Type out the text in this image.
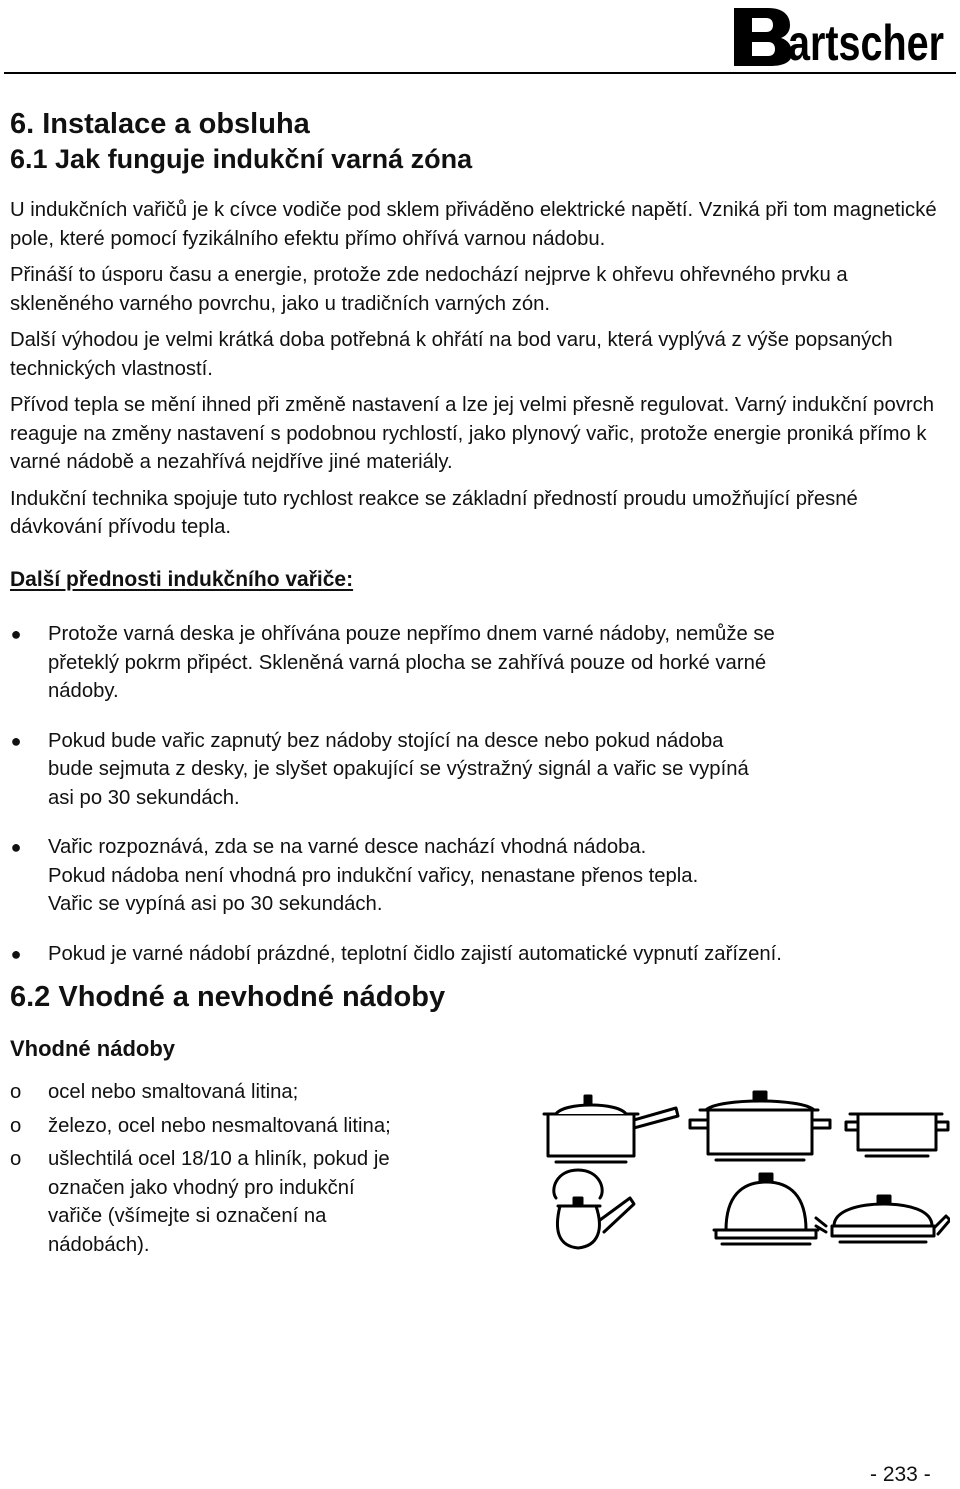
artscher
6. Instalace a obsluha
6.1 Jak funguje indukční varná zóna

U indukčních vařičů je k cívce vodiče pod sklem přiváděno elektrické napětí. Vzniká při tom magnetické pole, které pomocí fyzikálního efektu přímo ohřívá varnou nádobu.

Přináší to úsporu času a energie, protože zde nedochází nejprve k ohřevu ohřevného prvku a skleněného varného povrchu, jako u tradičních varných zón.

Další výhodou je velmi krátká doba potřebná k ohřátí na bod varu, která vyplývá z výše popsaných technických vlastností.

Přívod tepla se mění ihned při změně nastavení a lze jej velmi přesně regulovat. Varný indukční povrch reaguje na změny nastavení s podobnou rychlostí, jako plynový vařic, protože energie proniká přímo k varné nádobě a nezahřívá nejdříve jiné materiály.

Indukční technika spojuje tuto rychlost reakce se základní předností proudu umožňující přesné dávkování přívodu tepla.

Další přednosti indukčního vařiče:
● Protože varná deska je ohřívána pouze nepřímo dnem varné nádoby, nemůže se
přeteklý pokrm připéct. Skleněná varná plocha se zahřívá pouze od horké varné
nádoby.
● Pokud bude vařic zapnutý bez nádoby stojící na desce nebo pokud nádoba
bude sejmuta z desky, je slyšet opakující se výstražný signál a vařic se vypíná
asi po 30 sekundách.
● Vařic rozpoznává, zda se na varné desce nachází vhodná nádoba.
Pokud nádoba není vhodná pro indukční vařicy, nenastane přenos tepla.
Vařic se vypíná asi po 30 sekundách.
● Pokud je varné nádobí prázdné, teplotní čidlo zajistí automatické vypnutí zařízení.
6.2 Vhodné a nevhodné nádoby
Vhodné nádoby
o ocel nebo smaltovaná litina;
o železo, ocel nebo nesmaltovaná litina;
o ušlechtilá ocel 18/10 a hliník, pokud je
označen jako vhodný pro indukční
vařiče (všímejte si označení na
nádobách).
- 233 -
